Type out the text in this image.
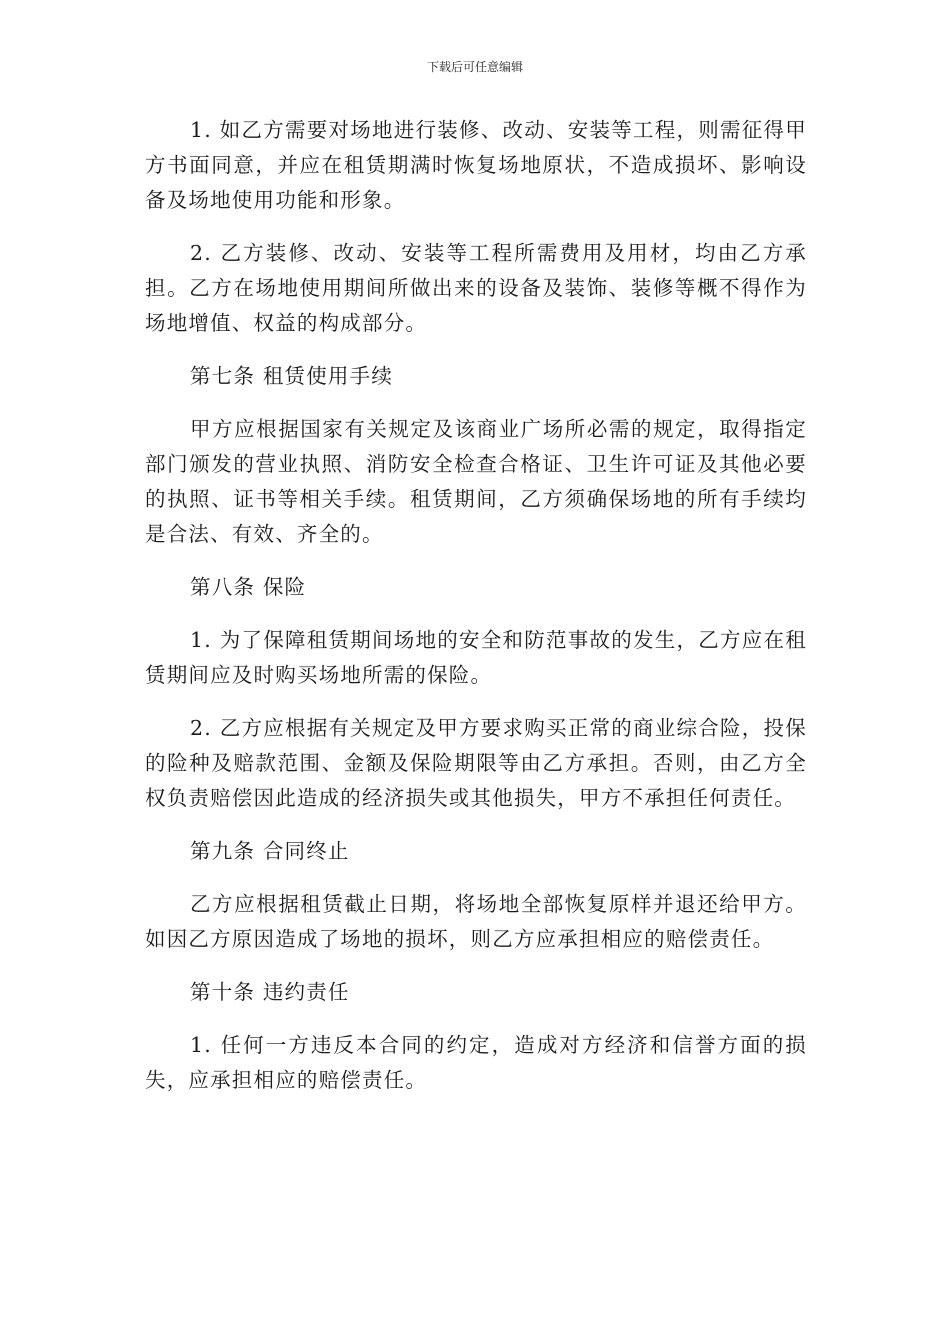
下载后可任意编辑

1. 如乙方需要对场地进行装修、改动、安装等工程，则需征得甲方书面同意，并应在租赁期满时恢复场地原状，不造成损坏、影响设备及场地使用功能和形象。

2. 乙方装修、改动、安装等工程所需费用及用材，均由乙方承担。乙方在场地使用期间所做出来的设备及装饰、装修等概不得作为场地增值、权益的构成部分。

第七条 租赁使用手续

甲方应根据国家有关规定及该商业广场所必需的规定，取得指定部门颁发的营业执照、消防安全检查合格证、卫生许可证及其他必要的执照、证书等相关手续。租赁期间，乙方须确保场地的所有手续均是合法、有效、齐全的。

第八条 保险

1. 为了保障租赁期间场地的安全和防范事故的发生，乙方应在租赁期间应及时购买场地所需的保险。

2. 乙方应根据有关规定及甲方要求购买正常的商业综合险，投保的险种及赔款范围、金额及保险期限等由乙方承担。否则，由乙方全权负责赔偿因此造成的经济损失或其他损失，甲方不承担任何责任。

第九条 合同终止

乙方应根据租赁截止日期，将场地全部恢复原样并退还给甲方。如因乙方原因造成了场地的损坏，则乙方应承担相应的赔偿责任。

第十条 违约责任

1. 任何一方违反本合同的约定，造成对方经济和信誉方面的损失，应承担相应的赔偿责任。
